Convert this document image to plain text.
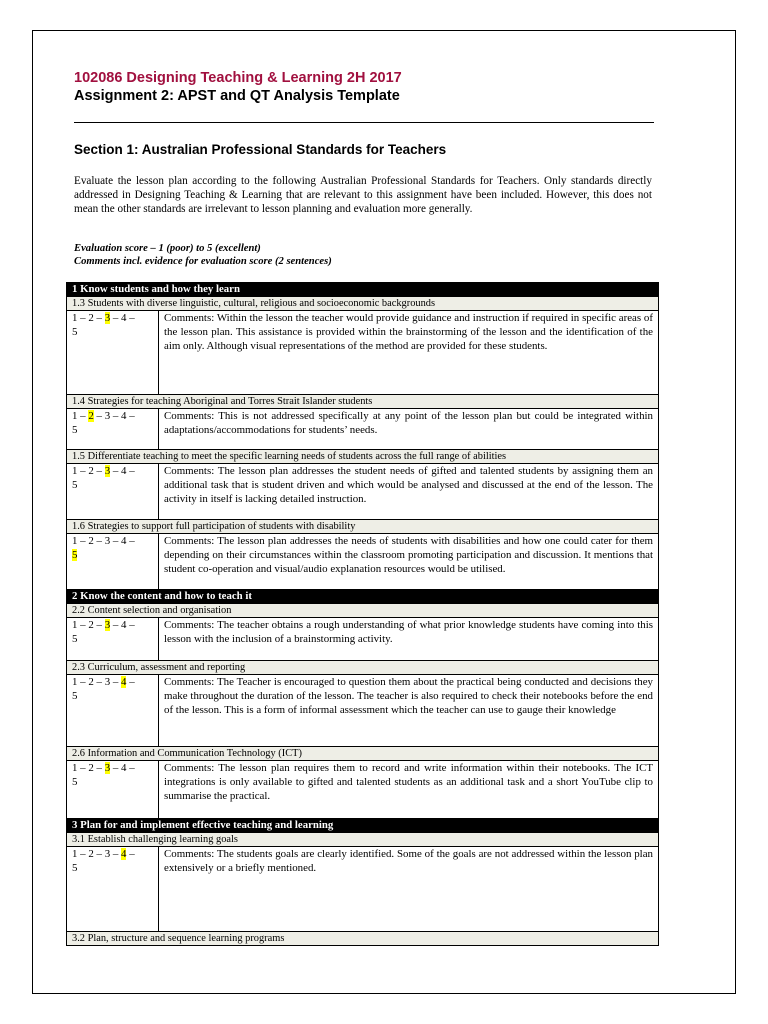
102086 Designing Teaching & Learning 2H 2017
Assignment 2: APST and QT Analysis Template
Section 1: Australian Professional Standards for Teachers
Evaluate the lesson plan according to the following Australian Professional Standards for Teachers. Only standards directly addressed in Designing Teaching & Learning that are relevant to this assignment have been included. However, this does not mean the other standards are irrelevant to lesson planning and evaluation more generally.
Evaluation score – 1 (poor) to 5 (excellent)
Comments incl. evidence for evaluation score (2 sentences)
1 Know students and how they learn	
1.3 Students with diverse linguistic, cultural, religious and socioeconomic backgrounds	
1 – 2 – 3 – 4 –
5	Comments: Within the lesson the teacher would provide guidance and instruction if required in specific areas of the lesson plan. This assistance is provided within the brainstorming of the lesson and the identification of the aim only. Although visual representations of the method are provided for these students.
1.4 Strategies for teaching Aboriginal and Torres Strait Islander students	
1 – 2 – 3 – 4 –
5	Comments: This is not addressed specifically at any point of the lesson plan but could be integrated within adaptations/accommodations for students’ needs.
1.5 Differentiate teaching to meet the specific learning needs of students across the full range of abilities	
1 – 2 – 3 – 4 –
5	Comments: The lesson plan addresses the student needs of gifted and talented students by assigning them an additional task that is student driven and which would be analysed and discussed at the end of the lesson. The activity in itself is lacking detailed instruction.
1.6 Strategies to support full participation of students with disability	
1 – 2 – 3 – 4 –
5	Comments: The lesson plan addresses the needs of students with disabilities and how one could cater for them depending on their circumstances within the classroom promoting participation and discussion. It mentions that student co-operation and visual/audio explanation resources would be utilised.
2 Know the content and how to teach it	
2.2 Content selection and organisation	
1 – 2 – 3 – 4 –
5	Comments: The teacher obtains a rough understanding of what prior knowledge students have coming into this lesson with the inclusion of a brainstorming activity.
2.3 Curriculum, assessment and reporting	
1 – 2 – 3 – 4 –
5	Comments: The Teacher is encouraged to question them about the practical being conducted and decisions they make throughout the duration of the lesson. The teacher is also required to check their notebooks before the end of the lesson. This is a form of informal assessment which the teacher can use to gauge their knowledge
2.6 Information and Communication Technology (ICT)	
1 – 2 – 3 – 4 –
5	Comments: The lesson plan requires them to record and write information within their notebooks. The ICT integrations is only available to gifted and talented students as an additional task and a short YouTube clip to summarise the practical.
3 Plan for and implement effective teaching and learning	
3.1 Establish challenging learning goals	
1 – 2 – 3 – 4 –
5	Comments: The students goals are clearly identified. Some of the goals are not addressed within the lesson plan extensively or a briefly mentioned.
3.2 Plan, structure and sequence learning programs	
